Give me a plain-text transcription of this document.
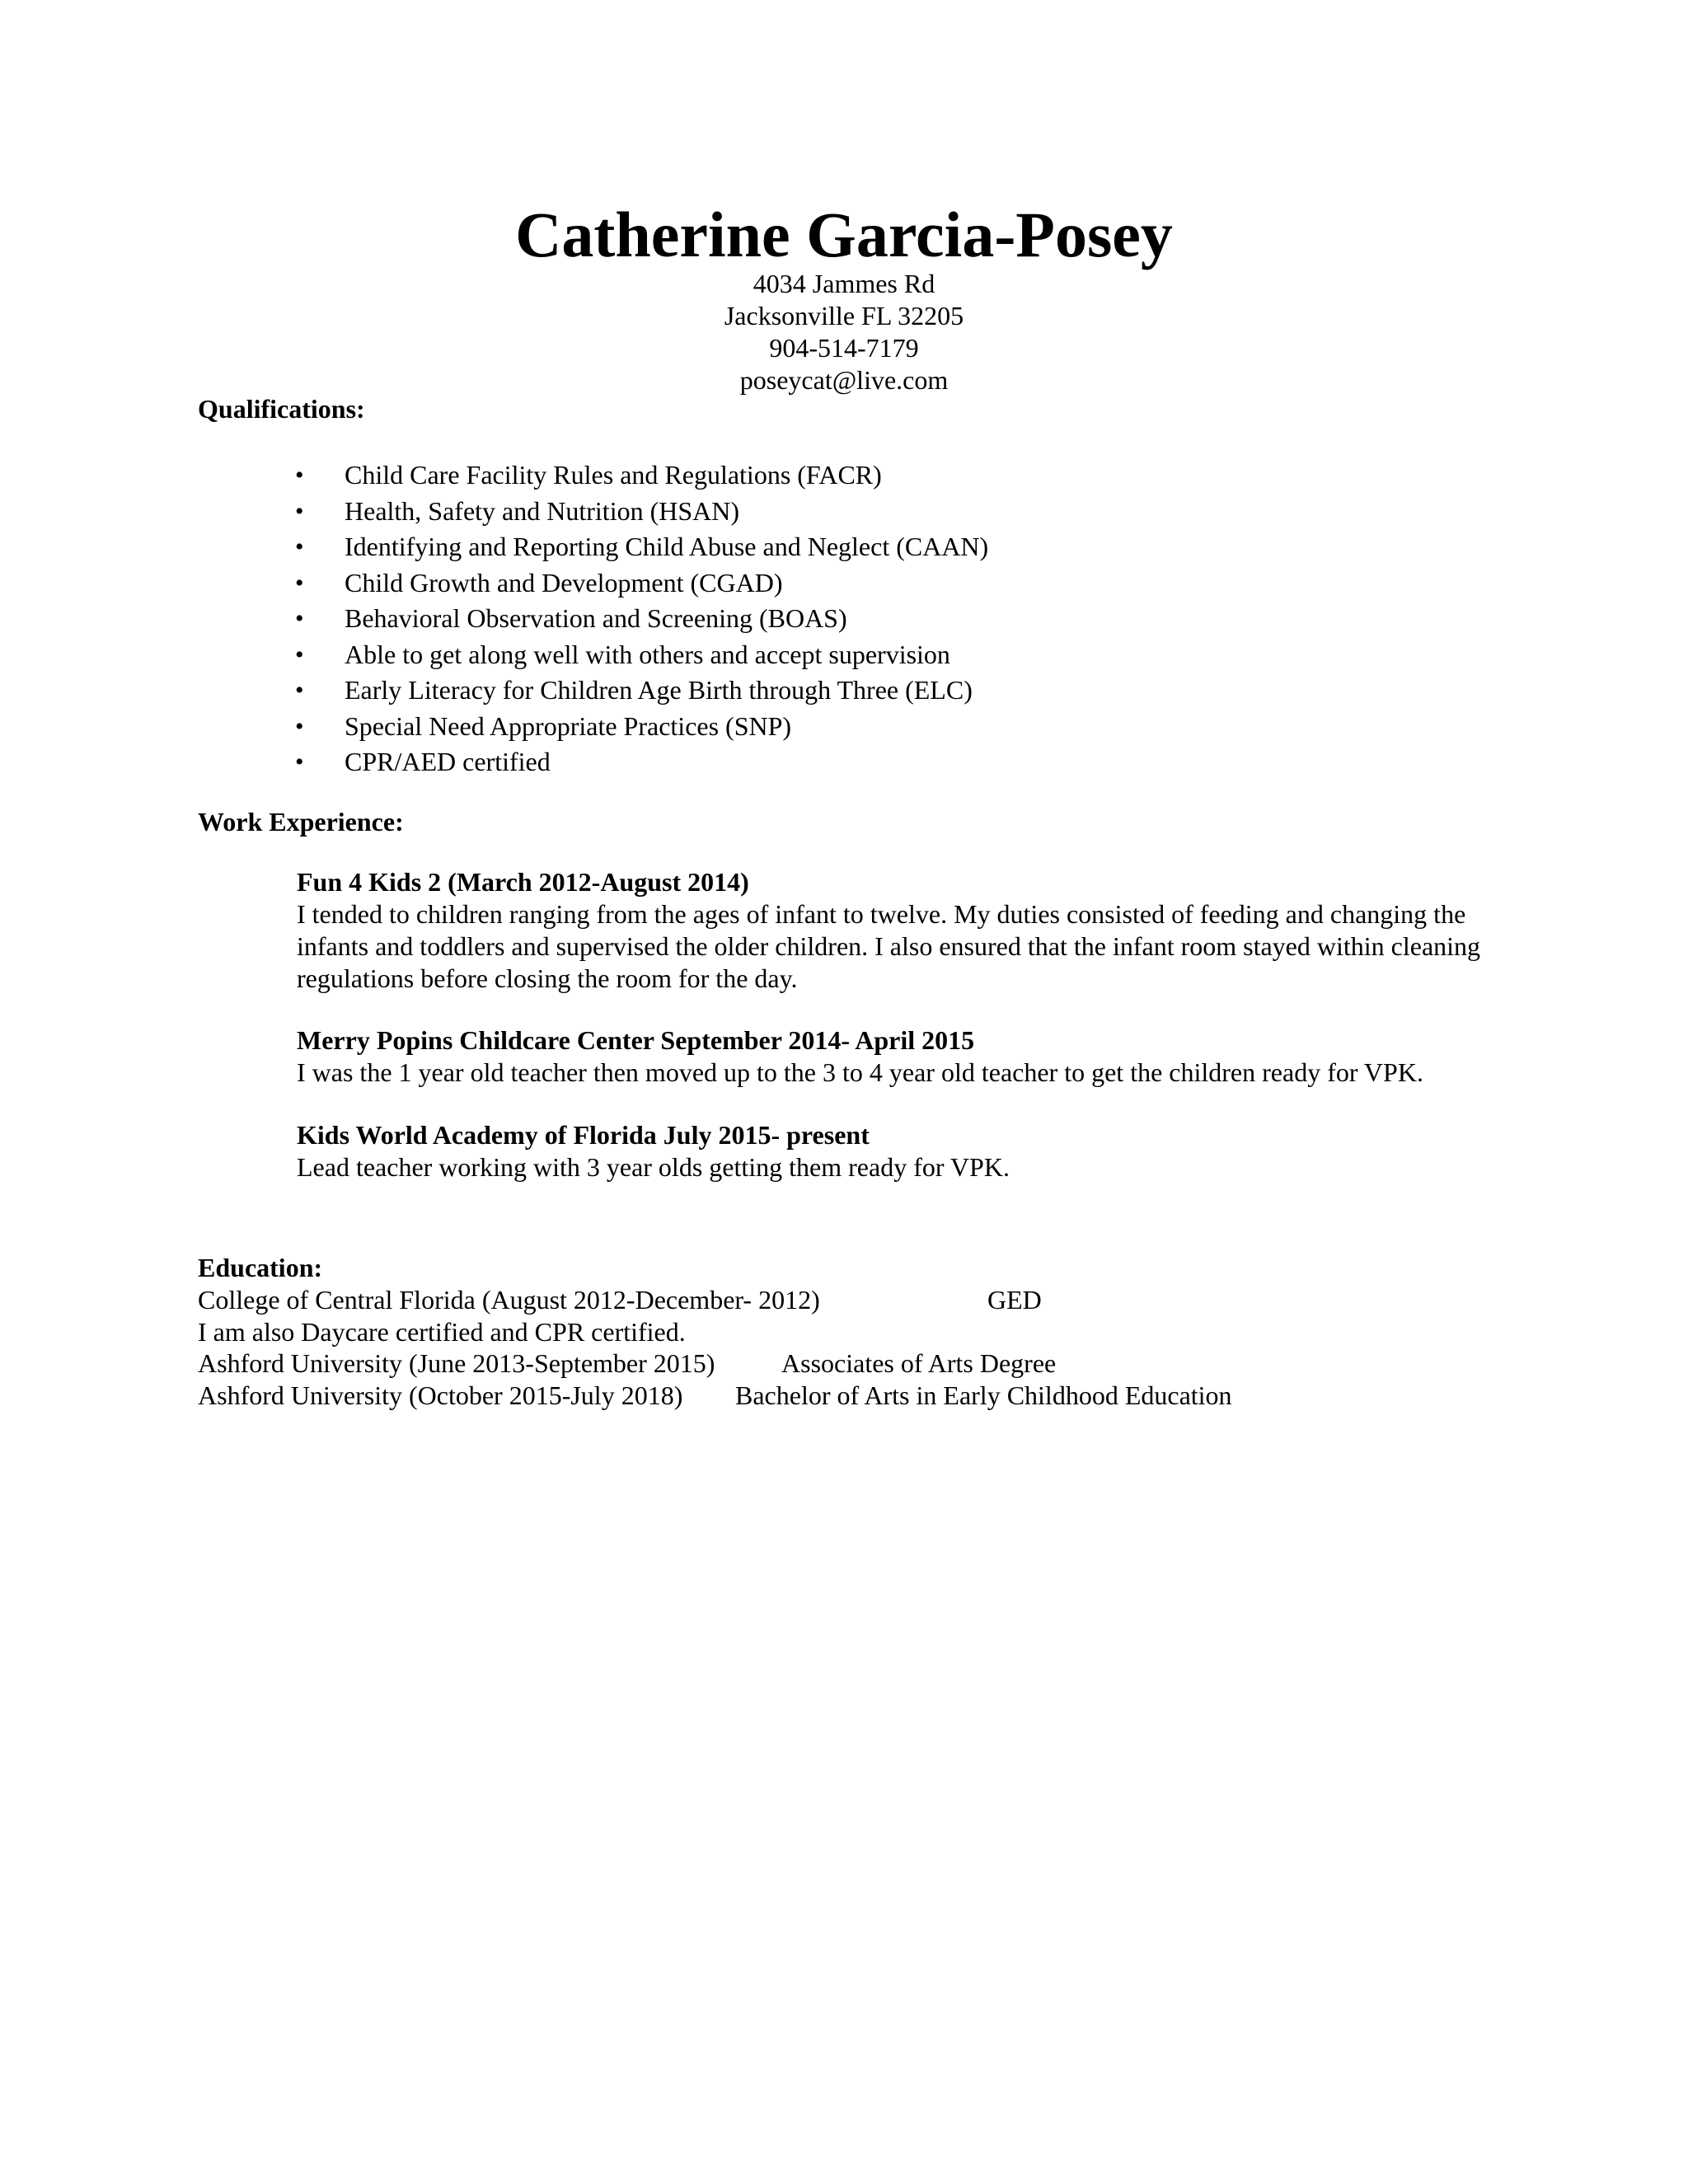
Catherine Garcia-Posey
4034 Jammes Rd
Jacksonville FL 32205
904-514-7179
poseycat@live.com
Qualifications:
• Child Care Facility Rules and Regulations (FACR)
• Health, Safety and Nutrition (HSAN)
• Identifying and Reporting Child Abuse and Neglect (CAAN)
• Child Growth and Development (CGAD)
• Behavioral Observation and Screening (BOAS)
• Able to get along well with others and accept supervision
• Early Literacy for Children Age Birth through Three (ELC)
• Special Need Appropriate Practices (SNP)
• CPR/AED certified
Work Experience:
Fun 4 Kids 2 (March 2012-August 2014)
I tended to children ranging from the ages of infant to twelve. My duties consisted of feeding and changing the infants and toddlers and supervised the older children. I also ensured that the infant room stayed within cleaning regulations before closing the room for the day.
Merry Popins Childcare Center September 2014- April 2015
I was the 1 year old teacher then moved up to the 3 to 4 year old teacher to get the children ready for VPK.
Kids World Academy of Florida July 2015- present
Lead teacher working with 3 year olds getting them ready for VPK.
Education:
College of Central Florida (August 2012-December- 2012)	GED
I am also Daycare certified and CPR certified.
Ashford University (June 2013-September 2015)	Associates of Arts Degree
Ashford University (October 2015-July 2018) Bachelor of Arts in Early Childhood Education
